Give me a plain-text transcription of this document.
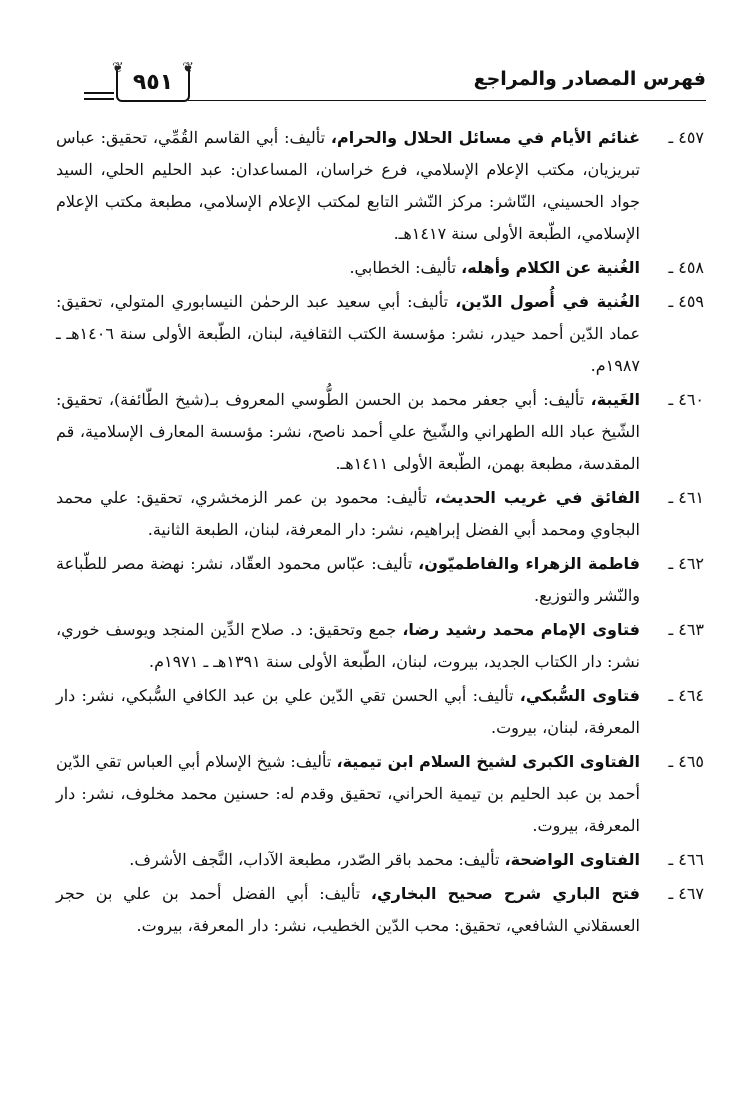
فهرس المصادر والمراجع
❦	❦
٩٥١
٤٥٧ ـ
غنائم الأيام في مسائل الحلال والحرام، تأليف: أبي القاسم القُمِّي، تحقيق: عباس تبريزيان، مكتب الإعلام الإسلامي، فرع خراسان، المساعدان: عبد الحليم الحلي، السيد جواد الحسيني، النّاشر: مركز النّشر التابع لمكتب الإعلام الإسلامي، مطبعة مكتب الإعلام الإسلامي، الطّبعة الأولى سنة ١٤١٧هـ.
٤٥٨ ـ
الغُنية عن الكلام وأهله، تأليف: الخطابي.
٤٥٩ ـ
الغُنية في أُصول الدّين، تأليف: أبي سعيد عبد الرحمٰن النيسابوري المتولي، تحقيق: عماد الدّين أحمد حيدر، نشر: مؤسسة الكتب الثقافية، لبنان، الطّبعة الأولى سنة ١٤٠٦هـ ـ ١٩٨٧م.
٤٦٠ ـ
الغَيبة، تأليف: أبي جعفر محمد بن الحسن الطُّوسي المعروف بـ(شيخ الطّائفة)، تحقيق: الشّيخ عباد الله الطهراني والشّيخ علي أحمد ناصح، نشر: مؤسسة المعارف الإسلامية، قم المقدسة، مطبعة بهمن، الطّبعة الأولى ١٤١١هـ.
٤٦١ ـ
الفائق في غريب الحديث، تأليف: محمود بن عمر الزمخشري، تحقيق: علي محمد البجاوي ومحمد أبي الفضل إبراهيم، نشر: دار المعرفة، لبنان، الطبعة الثانية.
٤٦٢ ـ
فاطمة الزهراء والفاطميّون، تأليف: عبّاس محمود العقّاد، نشر: نهضة مصر للطّباعة والنّشر والتوزيع.
٤٦٣ ـ
فتاوى الإمام محمد رشيد رضا، جمع وتحقيق: د. صلاح الدِّين المنجد ويوسف خوري، نشر: دار الكتاب الجديد، بيروت، لبنان، الطّبعة الأولى سنة ١٣٩١هـ ـ ١٩٧١م.
٤٦٤ ـ
فتاوى السُّبكي، تأليف: أبي الحسن تقي الدّين علي بن عبد الكافي السُّبكي، نشر: دار المعرفة، لبنان، بيروت.
٤٦٥ ـ
الفتاوى الكبرى لشيخ السلام ابن تيمية، تأليف: شيخ الإسلام أبي العباس تقي الدّين أحمد بن عبد الحليم بن تيمية الحراني، تحقيق وقدم له: حسنين محمد مخلوف، نشر: دار المعرفة، بيروت.
٤٦٦ ـ
الفتاوى الواضحة، تأليف: محمد باقر الصّدر، مطبعة الآداب، النَّجف الأشرف.
٤٦٧ ـ
فتح الباري شرح صحيح البخاري، تأليف: أبي الفضل أحمد بن علي بن حجر العسقلاني الشافعي، تحقيق: محب الدّين الخطيب، نشر: دار المعرفة، بيروت.
